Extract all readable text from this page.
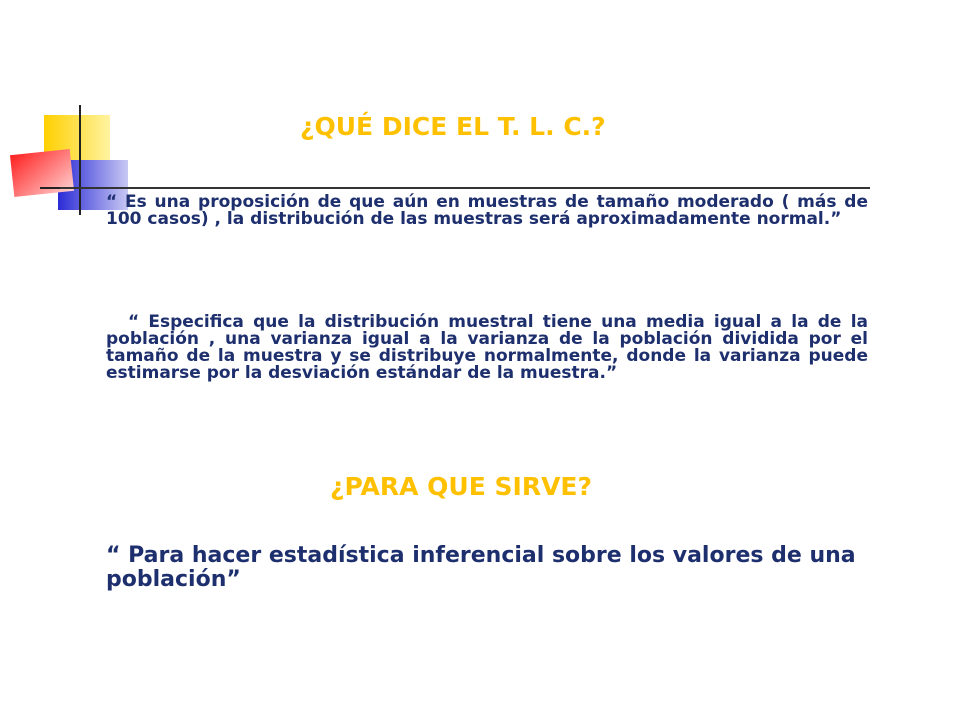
¿QUÉ DICE EL T. L. C.?
“ Es una proposición de que aún en muestras de tamaño moderado ( más de 100 casos) , la distribución de las muestras será aproximadamente normal.”
“ Especifica que la distribución muestral tiene una media igual a la de la población , una varianza igual a la varianza de la población dividida por el tamaño de la muestra y se distribuye normalmente, donde la varianza puede estimarse por la desviación estándar de la muestra.”
¿PARA QUE SIRVE?
“ Para hacer estadística inferencial sobre los valores de una población”
